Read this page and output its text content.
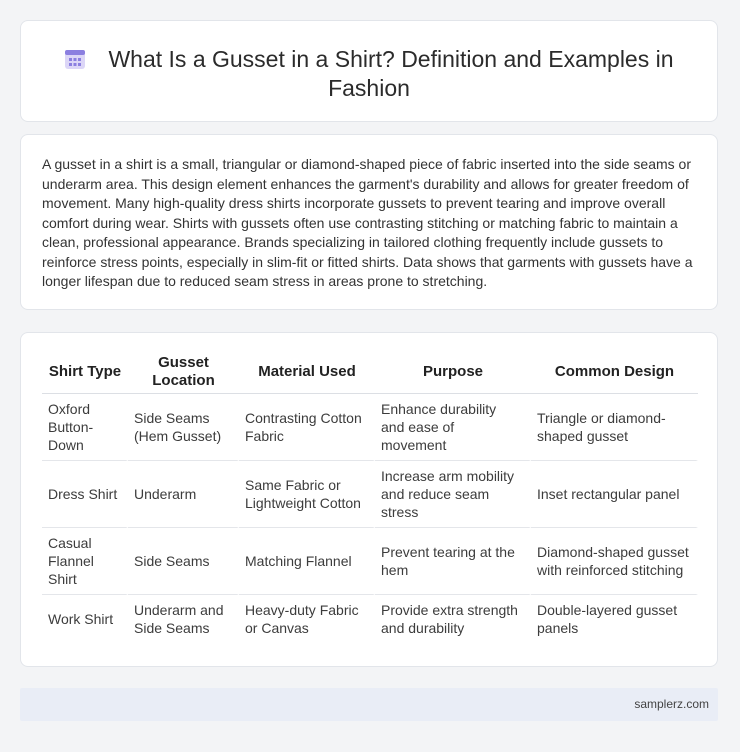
What Is a Gusset in a Shirt? Definition and Examples in Fashion

A gusset in a shirt is a small, triangular or diamond-shaped piece of fabric inserted into the side seams or underarm area. This design element enhances the garment's durability and allows for greater freedom of movement. Many high-quality dress shirts incorporate gussets to prevent tearing and improve overall comfort during wear. Shirts with gussets often use contrasting stitching or matching fabric to maintain a clean, professional appearance. Brands specializing in tailored clothing frequently include gussets to reinforce stress points, especially in slim-fit or fitted shirts. Data shows that garments with gussets have a longer lifespan due to reduced seam stress in areas prone to stretching.

Shirt Type	Gusset Location	Material Used	Purpose	Common Design
Oxford Button-Down	Side Seams (Hem Gusset)	Contrasting Cotton Fabric	Enhance durability and ease of movement	Triangle or diamond-shaped gusset
Dress Shirt	Underarm	Same Fabric or Lightweight Cotton	Increase arm mobility and reduce seam stress	Inset rectangular panel
Casual Flannel Shirt	Side Seams	Matching Flannel	Prevent tearing at the hem	Diamond-shaped gusset with reinforced stitching
Work Shirt	Underarm and Side Seams	Heavy-duty Fabric or Canvas	Provide extra strength and durability	Double-layered gusset panels
samplerz.com
